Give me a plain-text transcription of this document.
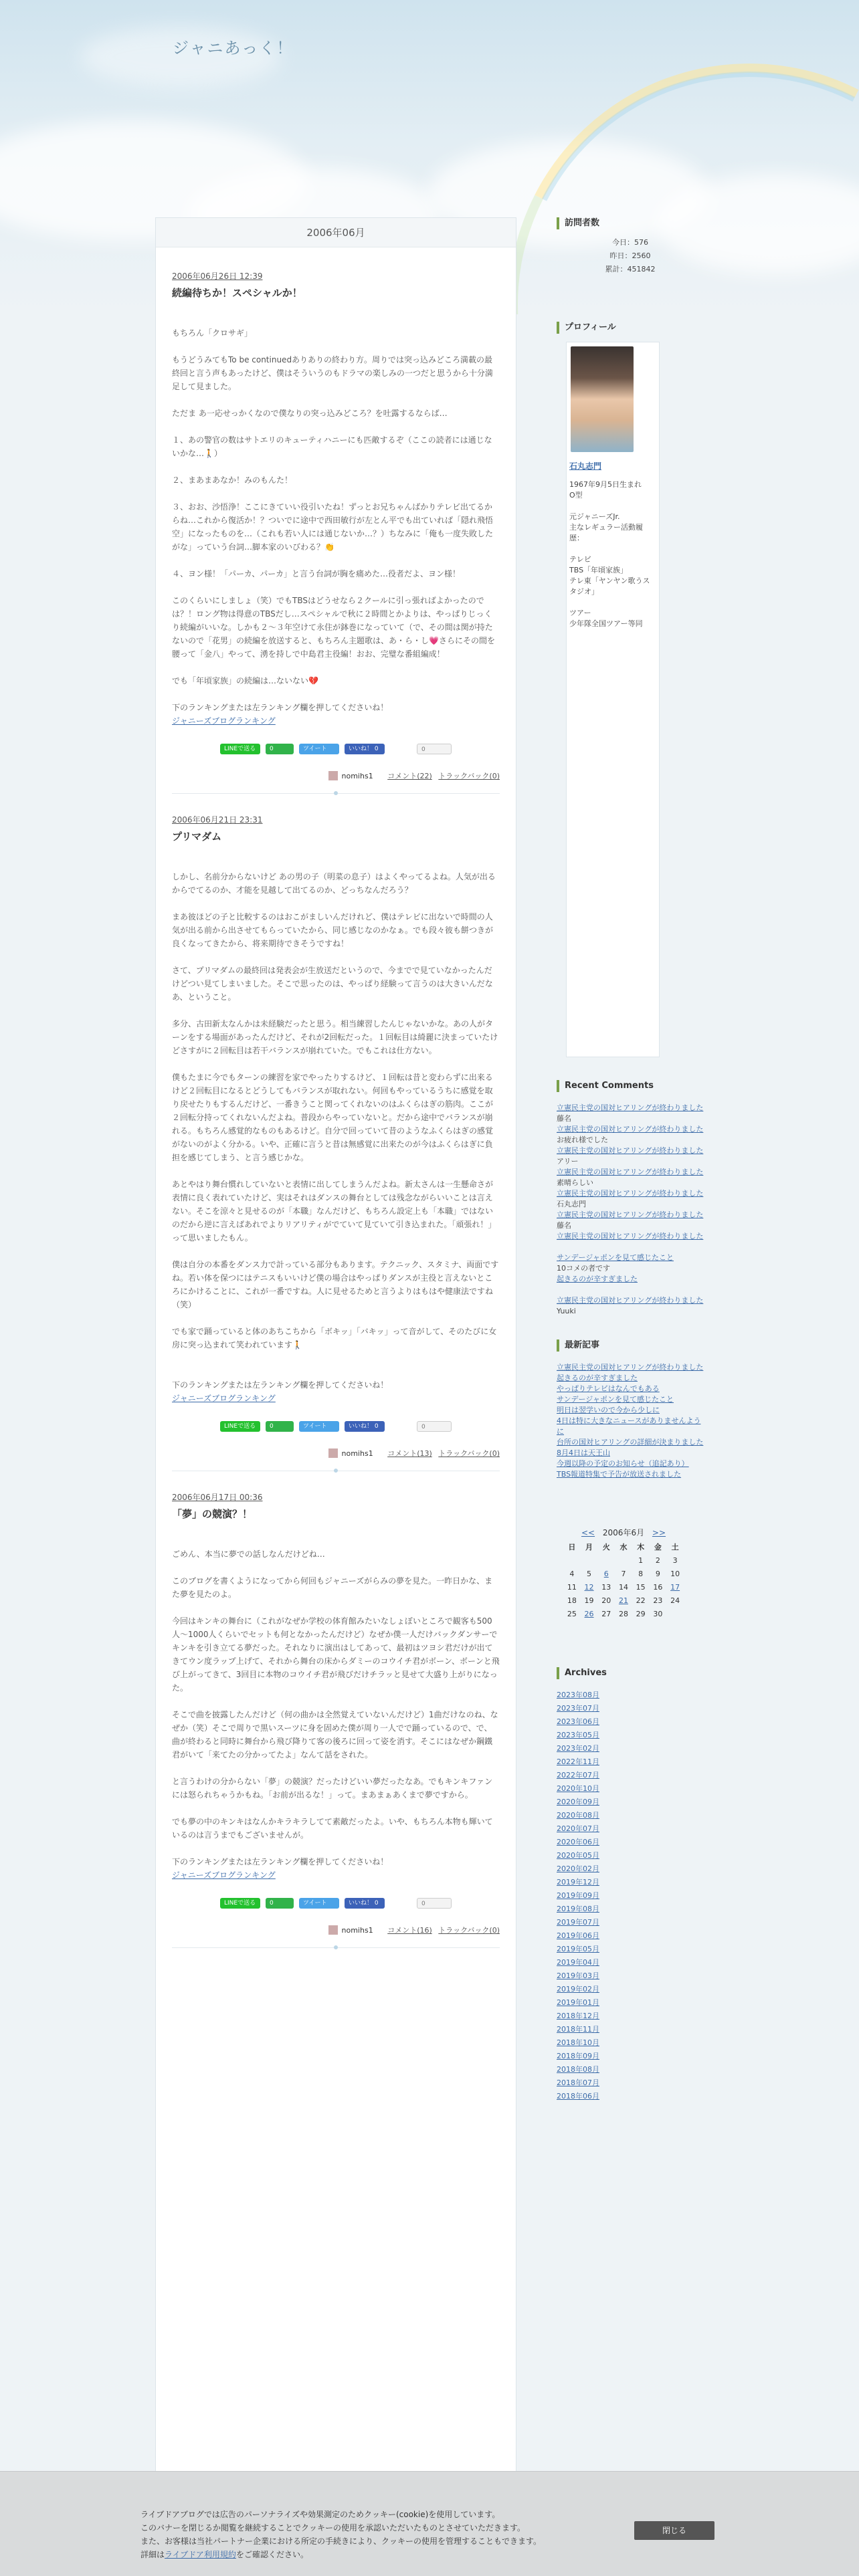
ジャニあっく！
2006年06月
2006年06月26日 12:39
続編待ちか！スペシャルか！

もちろん「クロサギ」

もうどうみてもTo be continuedありありの終わり方。周りでは突っ込みどころ満載の最終回と言う声もあったけど、僕はそういうのもドラマの楽しみの一つだと思うから十分満足して見ました。

ただま あ一応せっかくなので僕なりの突っ込みどころ？を吐露するならば…

１、あの警官の数はサトエリのキューティハニーにも匹敵するぞ（ここの読者には通じないかな…🚶）

２、まあまあなか！みのもんた！

３、おお、沙悟浄！ここにきていい役引いたね！ずっとお兄ちゃんばかりテレビ出てるからね…これから復活か！？ついでに途中で西田敏行が左とん平でも出ていれば「隠れ飛悟空」になったものを…（これも若い人には通じないか…？）ちなみに「俺も一度失敗したがな」っていう台詞…脚本家のいびわる？👏

４、ヨン様！「パーカ、パーカ」と言う台詞が胸を痛めた…役者だよ、ヨン様！

このくらいにしましょ（笑）でもTBSはどうせなら２クールに引っ張ればよかったのでは？！ロング物は得意のTBSだし…スペシャルで秋に２時間とかよりは、やっぱりじっくり続編がいいな。しかも２～３年空けて永住が鉢巻になっていて（で、その間は関が持たないので「花男」の続編を放送すると、もちろん主題歌は、あ・ら・し💗さらにその間を腰って「金八」やって、湧を持しで中島君主役編！おお、完璧な番組編成！

でも「年頃家族」の続編は…ないない💔

下のランキングまたは左ランキング欄を押してくださいね！

ジャニーズブログランキング

LINEで送る	0	ツイート	いいね！ 0	0
nomihs1 コメント(22) トラックバック(0)
2006年06月21日 23:31
プリマダム

しかし、名前分からないけど あの男の子（明菜の息子）はよくやってるよね。人気が出るからでてるのか、才能を見越して出てるのか、どっちなんだろう？

まあ彼ほどの子と比較するのはおこがましいんだけれど、僕はテレビに出ないで時間の人気が出る前から出させてもらっていたから、同じ感じなのかなぁ。でも段々彼も餅つきが良くなってきたから、将来期待できそうですね！

さて、プリマダムの最終回は発表会が生放送だというので、今までで見ていなかったんだけどつい見てしまいました。そこで思ったのは、やっぱり経験って言うのは大きいんだなあ、ということ。

多分、古田新太なんかは未経験だったと思う。相当練習したんじゃないかな。あの人がターンをする場面があったんだけど、それが2回転だった。１回転目は綺麗に決まっていたけどさすがに２回転目は若干バランスが崩れていた。でもこれは仕方ない。

僕もたまに今でもターンの練習を家でやったりするけど、１回転は昔と変わらずに出来るけど２回転目になるとどうしてもバランスが取れない。何回もやっているうちに感覚を取り戻せたりもするんだけど、一番きうこと関ってくれないのはふくらはぎの筋肉。ここが２回転分持ってくれないんだよね。普段からやっていないと。だから途中でバランスが崩れる。もちろん感覚的なものもあるけど。自分で回っていて昔のようなふくらはぎの感覚がないのがよく分かる。いや、正確に言うと昔は無感覚に出来たのが今はふくらはぎに負担を感じてしまう、と言う感じかな。

あとやはり舞台慣れしていないと表情に出してしまうんだよね。新太さんは一生懸命さが表情に良く表れていたけど、実はそれはダンスの舞台としては残念ながらいいことは言えない。そこを涼々と見せるのが「本職」なんだけど、もちろん設定上も「本職」ではないのだから逆に言えばあれでよりリアリティがでていて見ていて引き込まれた。「頑張れ！」って思いましたもん。

僕は自分の本番をダンス力で計っている部分もあります。テクニック、スタミナ、両面ですね。若い体を保つにはテニスもいいけど僕の場合はやっぱりダンスが主役と言えないところにかけることに、これが一番ですね。人に見せるためと言うよりはもはや健康法ですね（笑）

でも家で踊っていると体のあちこちから「ボキッ」「バキッ」って音がして、そのたびに女房に突っ込まれて笑われています🚶

下のランキングまたは左ランキング欄を押してくださいね！

ジャニーズブログランキング

LINEで送る	0	ツイート	いいね！ 0	0
nomihs1 コメント(13) トラックバック(0)
2006年06月17日 00:36
「夢」の競演？！

ごめん、本当に夢での話しなんだけどね…

このブログを書くようになってから何回もジャニーズがらみの夢を見た。一昨日かな、また夢を見たのよ。

今回はキンキの舞台に（これがなぜか学校の体育館みたいなしょぼいところで観客も500人～1000人くらいでセットも何となかったんだけど）なぜか僕一人だけバックダンサーでキンキを引き立てる夢だった。それなりに演出はしてあって、最初はツヨシ君だけが出てきてウン度ラップ上げて、それから舞台の床からダミーのコウイチ君がボーン、ボーンと飛び上がってきて、3回目に本物のコウイチ君が飛びだけチラッと見せて大盛り上がりになった。

そこで曲を披露したんだけど（何の曲かは全然覚えていないんだけど）1曲だけなのね、なぜか（笑）そこで周りで黒いスーツに身を固めた僕が周り一人でで踊っているので、で、曲が終わると同時に舞台から飛び降りて客の後ろに回って姿を消す。そこにはなぜか鋼鐵君がいて「来てたの分かってたよ」なんて話をされた。

と言うわけの分からない「夢」の競演？だったけどいい夢だったなあ。でもキンキファンには怒られちゃうかもね。「お前が出るな！」って。まあまぁあくまで夢ですから。

でも夢の中のキンキはなんかキラキラしてて素敵だったよ。いや、もちろん本物も輝いているのは言うまでもございませんが。

下のランキングまたは左ランキング欄を押してくださいね！

ジャニーズブログランキング

LINEで送る	0	ツイート	いいね！ 0	0
nomihs1 コメント(16) トラックバック(0)
訪問者数
今日：576
昨日：2560
累計：451842
プロフィール
石丸志門

1967年9月5日生まれ

O型

元ジャニーズJr.

主なレギュラー活動履

歴：

テレビ

TBS「年頃家族」

テレ東「ヤンヤン歌うス

タジオ」

ツアー

少年隊全国ツアー等同

Recent Comments
立憲民主党の国対ヒアリングが終わりました
藤名
立憲民主党の国対ヒアリングが終わりました
お疲れ様でした
立憲民主党の国対ヒアリングが終わりました
アリー
立憲民主党の国対ヒアリングが終わりました
素晴らしい
立憲民主党の国対ヒアリングが終わりました
石丸志門
立憲民主党の国対ヒアリングが終わりました
藤名
立憲民主党の国対ヒアリングが終わりました
サンデージャポンを見て感じたこと
10コメの者です
起きるのが辛すぎました
立憲民主党の国対ヒアリングが終わりました
Yuuki
最新記事
立憲民主党の国対ヒアリングが終わりました
起きるのが辛すぎました
やっぱりテレビはなんでもある
サンデージャポンを見て感じたこと
明日は翌学いので今から少しに
4日は特に大きなニュースがありませんように
台所の国対ヒアリングの詳細が決まりました
8月4日は天王山
今週以降の予定のお知らせ（追記あり）
TBS報道特集で予告が放送されました
<< 2006年6月 >>
日	月	火	水	木	金	土
				1	2	3
4	5	6	7	8	9	10
11	12	13	14	15	16	17
18	19	20	21	22	23	24
25	26	27	28	29	30	
Archives
2023年08月
2023年07月
2023年06月
2023年05月
2023年02月
2022年11月
2022年07月
2020年10月
2020年09月
2020年08月
2020年07月
2020年06月
2020年05月
2020年02月
2019年12月
2019年09月
2019年08月
2019年07月
2019年06月
2019年05月
2019年04月
2019年03月
2019年02月
2019年01月
2018年12月
2018年11月
2018年10月
2018年09月
2018年08月
2018年07月
2018年06月
ライブドアブログでは広告のパーソナライズや効果測定のためクッキー(cookie)を使用しています。
このバナーを閉じるか閲覧を継続することでクッキーの使用を承認いただいたものとさせていただきます。
また、お客様は当社パートナー企業における所定の手続きにより、クッキーの使用を管理することもできます。
詳細はライブドア利用規約をご確認ください。
閉じる
